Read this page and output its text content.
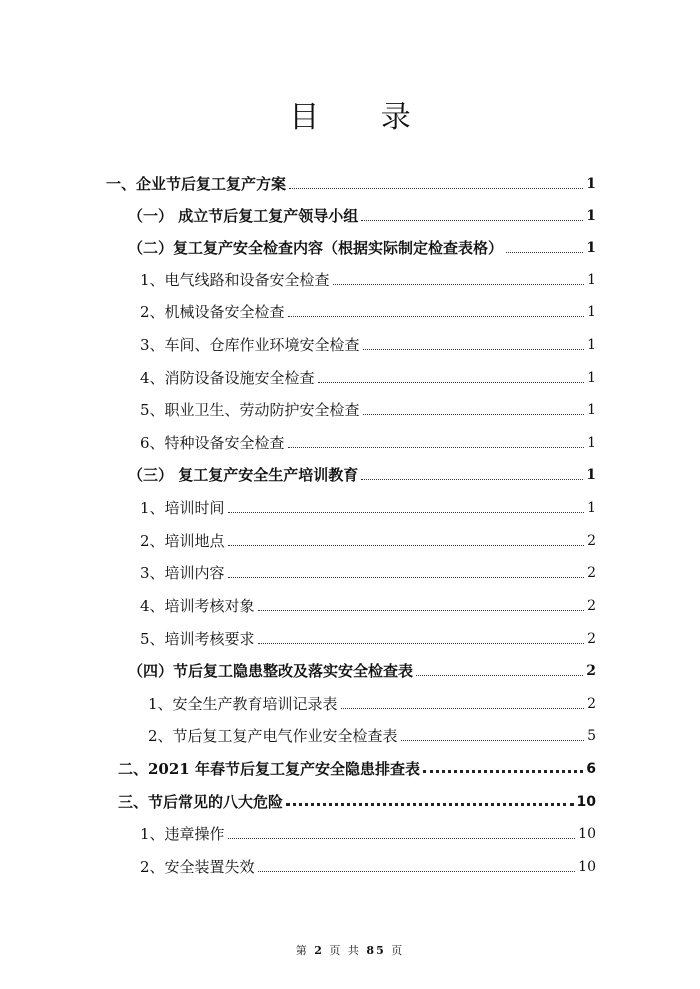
目 录
一、企业节后复工复产方案	1
（一） 成立节后复工复产领导小组	1
（二）复工复产安全检查内容（根据实际制定检查表格）	1
1、电气线路和设备安全检查	1
2、机械设备安全检查	1
3、车间、仓库作业环境安全检查	1
4、消防设备设施安全检查	1
5、职业卫生、劳动防护安全检查	1
6、特种设备安全检查	1
（三） 复工复产安全生产培训教育	1
1、培训时间	1
2、培训地点	2
3、培训内容	2
4、培训考核对象	2
5、培训考核要求	2
（四）节后复工隐患整改及落实安全检查表	2
1、安全生产教育培训记录表	2
2、节后复工复产电气作业安全检查表	5
二、2021 年春节后复工复产安全隐患排查表	6
三、节后常见的八大危险	10
1、违章操作	10
2、安全装置失效	10
第 2 页 共 85 页
